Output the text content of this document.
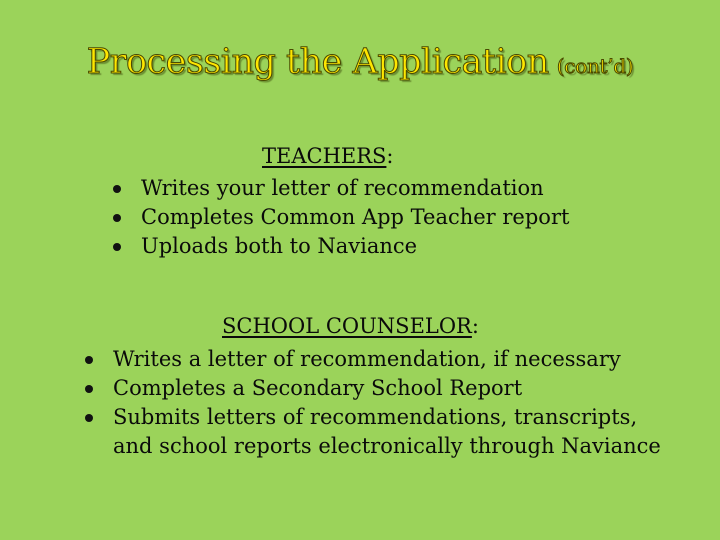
Processing the Application (cont’d)
TEACHERS:
Writes your letter of recommendation
Completes Common App Teacher report
Uploads both to Naviance
SCHOOL COUNSELOR:
Writes a letter of recommendation, if necessary
Completes a Secondary School Report
Submits letters of recommendations, transcripts, and school reports electronically through Naviance
